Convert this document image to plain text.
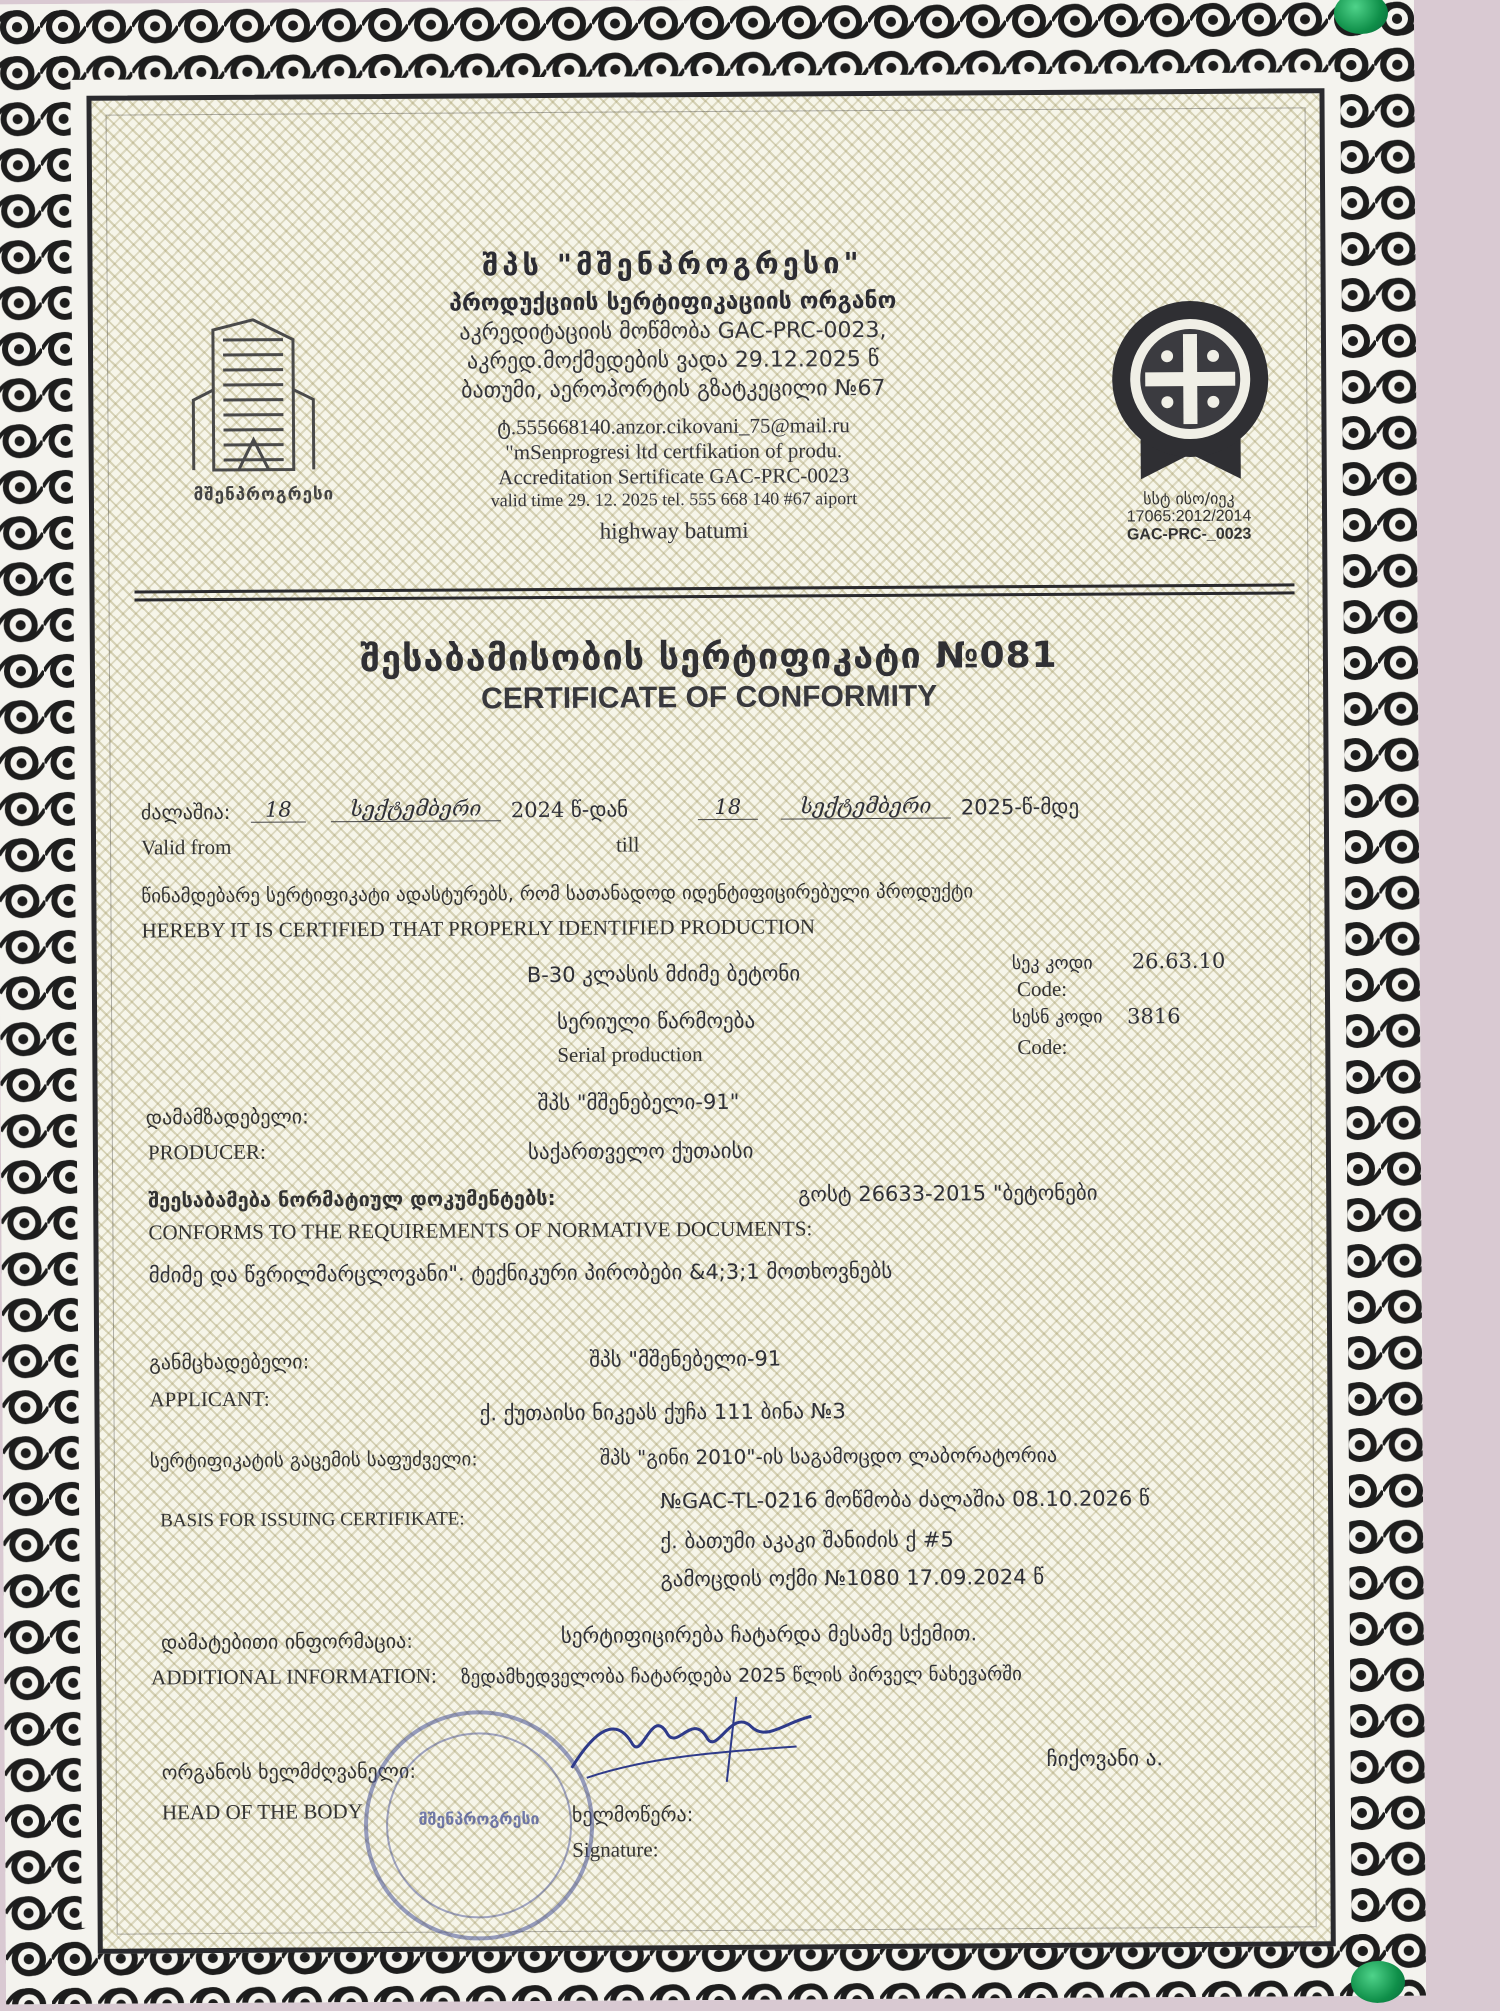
მშენპროგრესი
შპს "მშენპროგრესი"
პროდუქციის სერტიფიკაციის ორგანო
აკრედიტაციის მოწმობა GAC-PRC-0023,
აკრედ.მოქმედების ვადა 29.12.2025 წ
ბათუმი, აეროპორტის გზატკეცილი №67
ტ.555668140.anzor.cikovani_75@mail.ru
"mSenprogresi ltd certfikation of produ.
Accreditation Sertificate GAC-PRC-0023
valid time 29. 12. 2025 tel. 555 668 140 #67 aiport
highway batumi
სსტ ისო/იეკ
17065:2012/2014
GAC-PRC-_0023
შესაბამისობის სერტიფიკატი №081
CERTIFICATE OF CONFORMITY
ძალაშია:
Valid from
18	სექტემბერი	2024 წ-დან
till
18	სექტემბერი	2025-წ-მდე
წინამდებარე სერტიფიკატი ადასტურებს, რომ სათანადოდ იდენტიფიცირებული პროდუქტი
HEREBY IT IS CERTIFIED THAT PROPERLY IDENTIFIED PRODUCTION
B-30 კლასის მძიმე ბეტონი
სერიული წარმოება
Serial production
სეკ კოდი 26.63.10
Code:
სესნ კოდი 3816
Code:
დამამზადებელი:
PRODUCER:
შპს "მშენებელი-91"
საქართველო ქუთაისი
შეესაბამება ნორმატიულ დოკუმენტებს:	გოსტ 26633-2015 "ბეტონები
CONFORMS TO THE REQUIREMENTS OF NORMATIVE DOCUMENTS:
მძიმე და წვრილმარცლოვანი". ტექნიკური პირობები &4;3;1 მოთხოვნებს
განმცხადებელი:
APPLICANT:
შპს "მშენებელი-91
ქ. ქუთაისი ნიკეას ქუჩა 111 ბინა №3
სერტიფიკატის გაცემის საფუძველი:	შპს "გინი 2010"-ის საგამოცდო ლაბორატორია
BASIS FOR ISSUING CERTIFIKATE:
№GAC-TL-0216 მოწმობა ძალაშია 08.10.2026 წ
ქ. ბათუმი აკაკი შანიძის ქ #5
გამოცდის ოქმი №1080 17.09.2024 წ
დამატებითი ინფორმაცია:	სერტიფიცირება ჩატარდა მესამე სქემით.
ADDITIONAL INFORMATION: ზედამხედველობა ჩატარდება 2025 წლის პირველ ნახევარში
ორგანოს ხელმძღვანელი:
HEAD OF THE BODY
ჩიქოვანი ა.
ხელმოწერა:
Signature:
მშენპროგრესი
